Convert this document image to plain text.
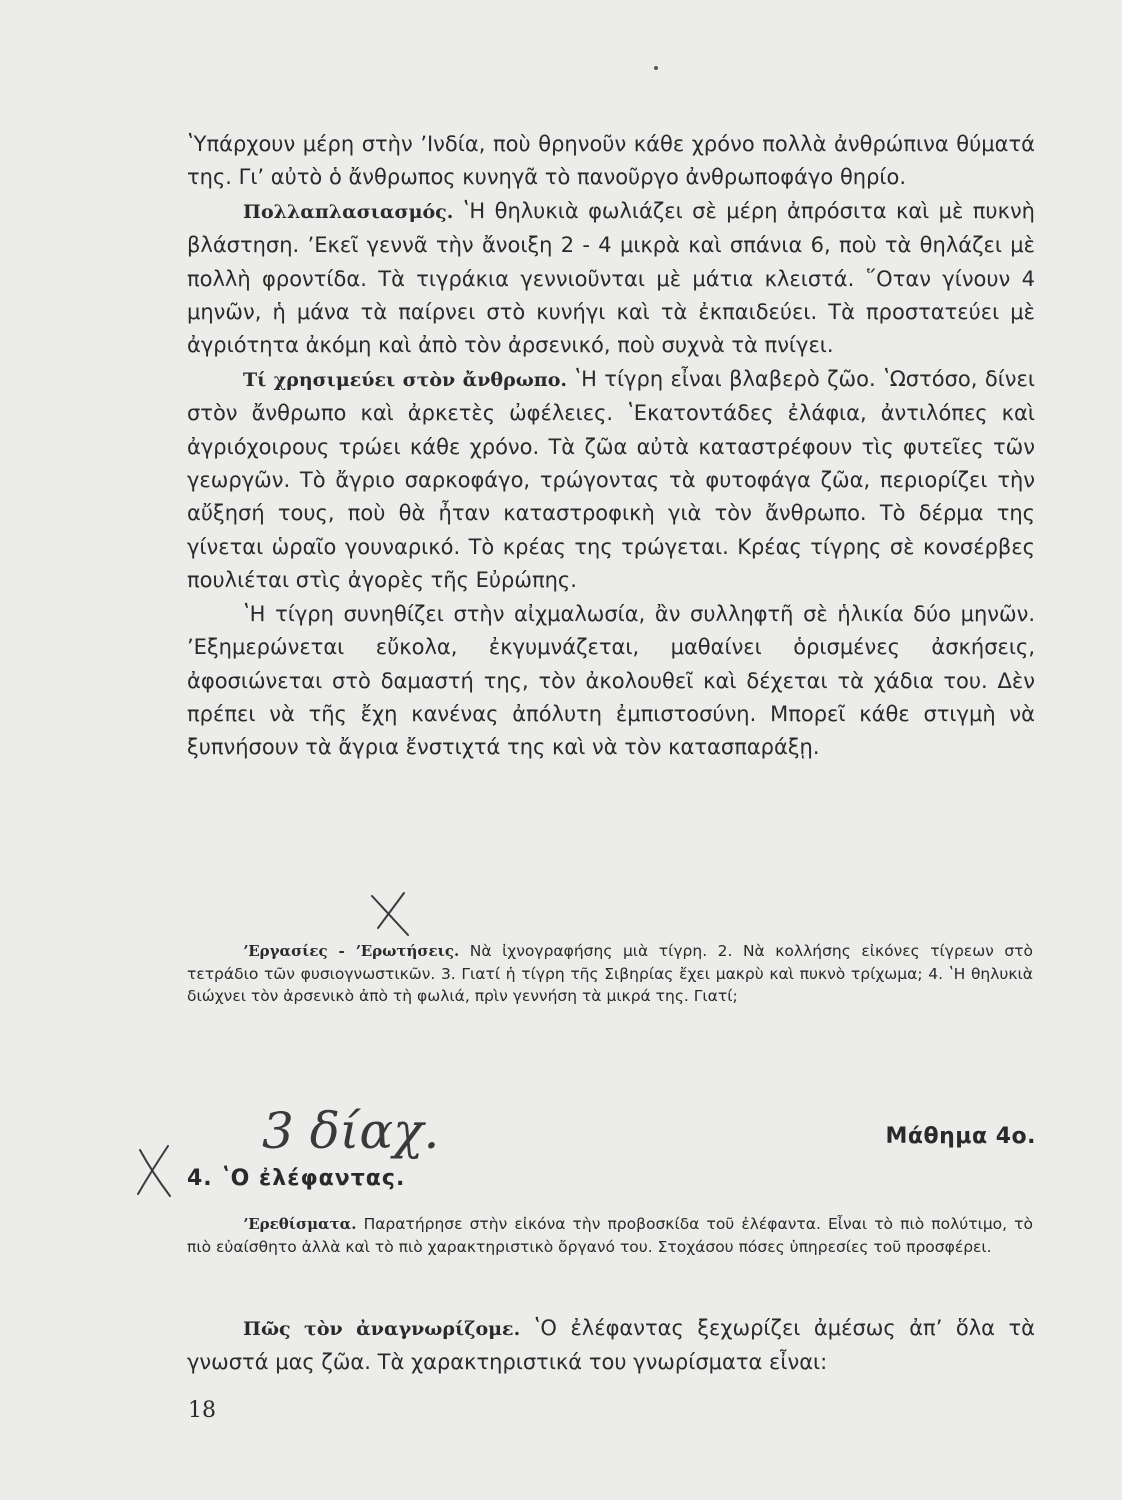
ʽΥπάρχουν μέρη στὴν ʼΙνδία, ποὺ θρηνοῦν κάθε χρόνο πολλὰ ἀνθρώπινα θύματά της. Γι’ αὐτὸ ὁ ἄνθρωπος κυνηγᾶ τὸ πανοῦργο ἀνθρωποφάγο θηρίο.

Πολλαπλασιασμός. ʽΗ θηλυκιὰ φωλιάζει σὲ μέρη ἀπρόσιτα καὶ μὲ πυκνὴ βλάστηση. ʼΕκεῖ γεννᾶ τὴν ἄνοιξη 2 - 4 μικρὰ καὶ σπάνια 6, ποὺ τὰ θηλάζει μὲ πολλὴ φροντίδα. Τὰ τιγράκια γεννιοῦνται μὲ μάτια κλειστά. ῞Οταν γίνουν 4 μηνῶν, ἡ μάνα τὰ παίρνει στὸ κυνήγι καὶ τὰ ἐκπαιδεύει. Τὰ προστατεύει μὲ ἀγριότητα ἀκόμη καὶ ἀπὸ τὸν ἀρσενικό, ποὺ συχνὰ τὰ πνίγει.

Τί χρησιμεύει στὸν ἄνθρωπο. ʽΗ τίγρη εἶναι βλαβερὸ ζῶο. ʽΩστόσο, δίνει στὸν ἄνθρωπο καὶ ἀρκετὲς ὠφέλειες. ʽΕκατοντάδες ἐλάφια, ἀντιλόπες καὶ ἀγριόχοιρους τρώει κάθε χρόνο. Τὰ ζῶα αὐτὰ καταστρέφουν τὶς φυτεῖες τῶν γεωργῶν. Τὸ ἄγριο σαρκοφάγο, τρώγοντας τὰ φυτοφάγα ζῶα, περιορίζει τὴν αὔξησή τους, ποὺ θὰ ἦταν καταστροφικὴ γιὰ τὸν ἄνθρωπο. Τὸ δέρμα της γίνεται ὡραῖο γουναρικό. Τὸ κρέας της τρώγεται. Κρέας τίγρης σὲ κονσέρβες πουλιέται στὶς ἀγορὲς τῆς Εὐρώπης.

ʽΗ τίγρη συνηθίζει στὴν αἰχμαλωσία, ἂν συλληφτῆ σὲ ἡλικία δύο μηνῶν. ʼΕξημερώνεται εὔκολα, ἐκγυμνάζεται, μαθαίνει ὁρισμένες ἀσκήσεις, ἀφοσιώνεται στὸ δαμαστή της, τὸν ἀκολουθεῖ καὶ δέχεται τὰ χάδια του. Δὲν πρέπει νὰ τῆς ἔχη κανένας ἀπόλυτη ἐμπιστοσύνη. Μπορεῖ κάθε στιγμὴ νὰ ξυπνήσουν τὰ ἄγρια ἔνστιχτά της καὶ νὰ τὸν κατασπαράξῃ.

ʼΕργασίες - ʼΕρωτήσεις. Νὰ ἰχνογραφήσης μιὰ τίγρη. 2. Νὰ κολλήσης εἰκόνες τίγρεων στὸ τετράδιο τῶν φυσιογνωστικῶν. 3. Γιατί ἡ τίγρη τῆς Σιβηρίας ἔχει μακρὺ καὶ πυκνὸ τρίχωμα; 4. ʽΗ θηλυκιὰ διώχνει τὸν ἀρσενικὸ ἀπὸ τὴ φωλιά, πρὶν γεννήση τὰ μικρά της. Γιατί;

Μάθημα 4ο.
4. ʽΟ ἐλέφαντας.

ʼΕρεθίσματα. Παρατήρησε στὴν εἰκόνα τὴν προβοσκίδα τοῦ ἐλέφαντα. Εἶναι τὸ πιὸ πολύτιμο, τὸ πιὸ εὐαίσθητο ἀλλὰ καὶ τὸ πιὸ χαρακτηριστικὸ ὄργανό του. Στοχάσου πόσες ὑπηρεσίες τοῦ προσφέρει.

Πῶς τὸν ἀναγνωρίζομε. ʽΟ ἐλέφαντας ξεχωρίζει ἀμέσως ἀπ’ ὅλα τὰ γνωστά μας ζῶα. Τὰ χαρακτηριστικά του γνωρίσματα εἶναι:

18
3 δίαχ.
